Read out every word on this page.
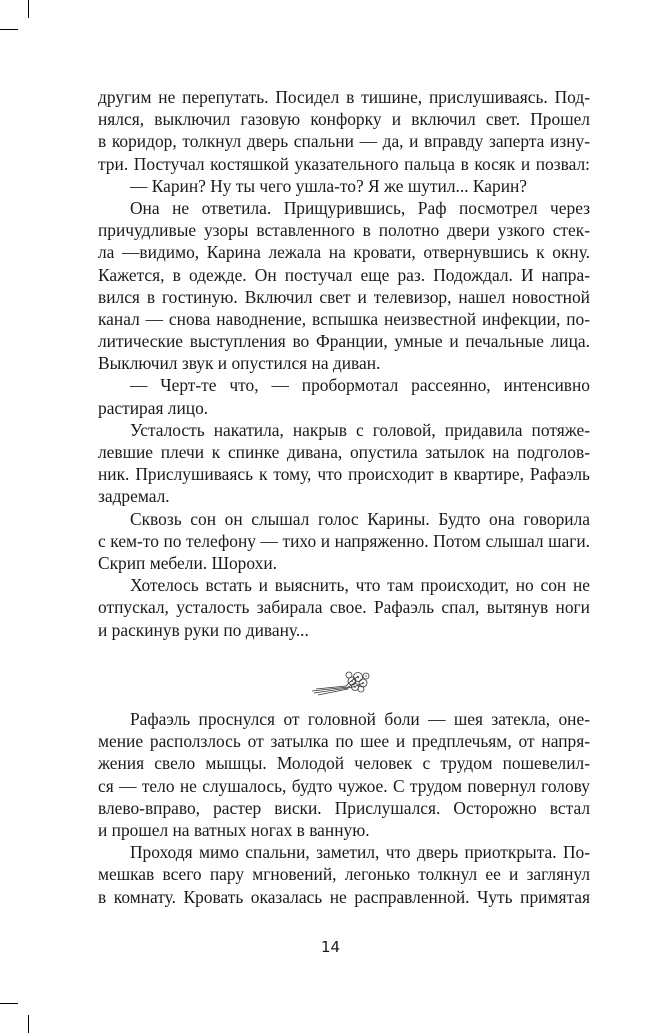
другим не перепутать. Посидел в тишине, прислушиваясь. Под-
нялся, выключил газовую конфорку и включил свет. Прошел
в коридор, толкнул дверь спальни — да, и вправду заперта изну-
три. Постучал костяшкой указательного пальца в косяк и позвал:
— Карин? Ну ты чего ушла-то? Я же шутил... Карин?
Она не ответила. Прищурившись, Раф посмотрел через
причудливые узоры вставленного в полотно двери узкого стек-
ла —видимо, Карина лежала на кровати, отвернувшись к окну.
Кажется, в одежде. Он постучал еще раз. Подождал. И напра-
вился в гостиную. Включил свет и телевизор, нашел новостной
канал — снова наводнение, вспышка неизвестной инфекции, по-
литические выступления во Франции, умные и печальные лица.
Выключил звук и опустился на диван.
— Черт-те что, — пробормотал рассеянно, интенсивно
растирая лицо.
Усталость накатила, накрыв с головой, придавила потяже-
левшие плечи к спинке дивана, опустила затылок на подголов-
ник. Прислушиваясь к тому, что происходит в квартире, Рафаэль
задремал.
Сквозь сон он слышал голос Карины. Будто она говорила
с кем-то по телефону — тихо и напряженно. Потом слышал шаги.
Скрип мебели. Шорохи.
Хотелось встать и выяснить, что там происходит, но сон не
отпускал, усталость забирала свое. Рафаэль спал, вытянув ноги
и раскинув руки по дивану...
Рафаэль проснулся от головной боли — шея затекла, оне-
мение расползлось от затылка по шее и предплечьям, от напря-
жения свело мышцы. Молодой человек с трудом пошевелил-
ся — тело не слушалось, будто чужое. С трудом повернул голову
влево-вправо, растер виски. Прислушался. Осторожно встал
и прошел на ватных ногах в ванную.
Проходя мимо спальни, заметил, что дверь приоткрыта. По-
мешкав всего пару мгновений, легонько толкнул ее и заглянул
в комнату. Кровать оказалась не расправленной. Чуть примятая
14
